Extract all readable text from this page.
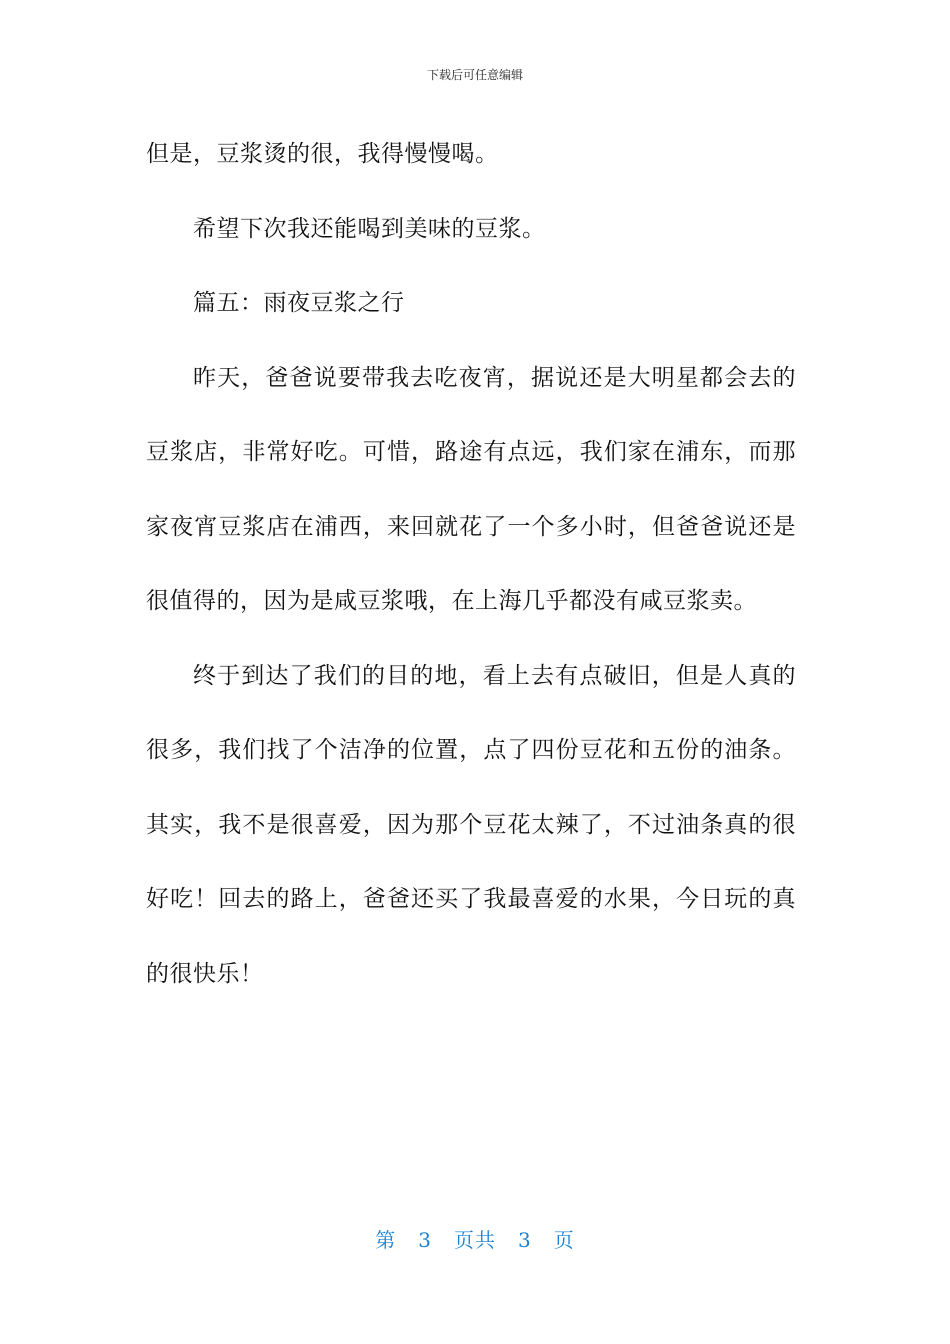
下载后可任意编辑

但是，豆浆烫的很，我得慢慢喝。

希望下次我还能喝到美味的豆浆。

篇五：雨夜豆浆之行

昨天，爸爸说要带我去吃夜宵，据说还是大明星都会去的豆浆店，非常好吃。可惜，路途有点远，我们家在浦东，而那家夜宵豆浆店在浦西，来回就花了一个多小时，但爸爸说还是很值得的，因为是咸豆浆哦，在上海几乎都没有咸豆浆卖。

终于到达了我们的目的地，看上去有点破旧，但是人真的很多，我们找了个洁净的位置，点了四份豆花和五份的油条。其实，我不是很喜爱，因为那个豆花太辣了，不过油条真的很好吃！回去的路上，爸爸还买了我最喜爱的水果，今日玩的真的很快乐！

第 3 页共 3 页
